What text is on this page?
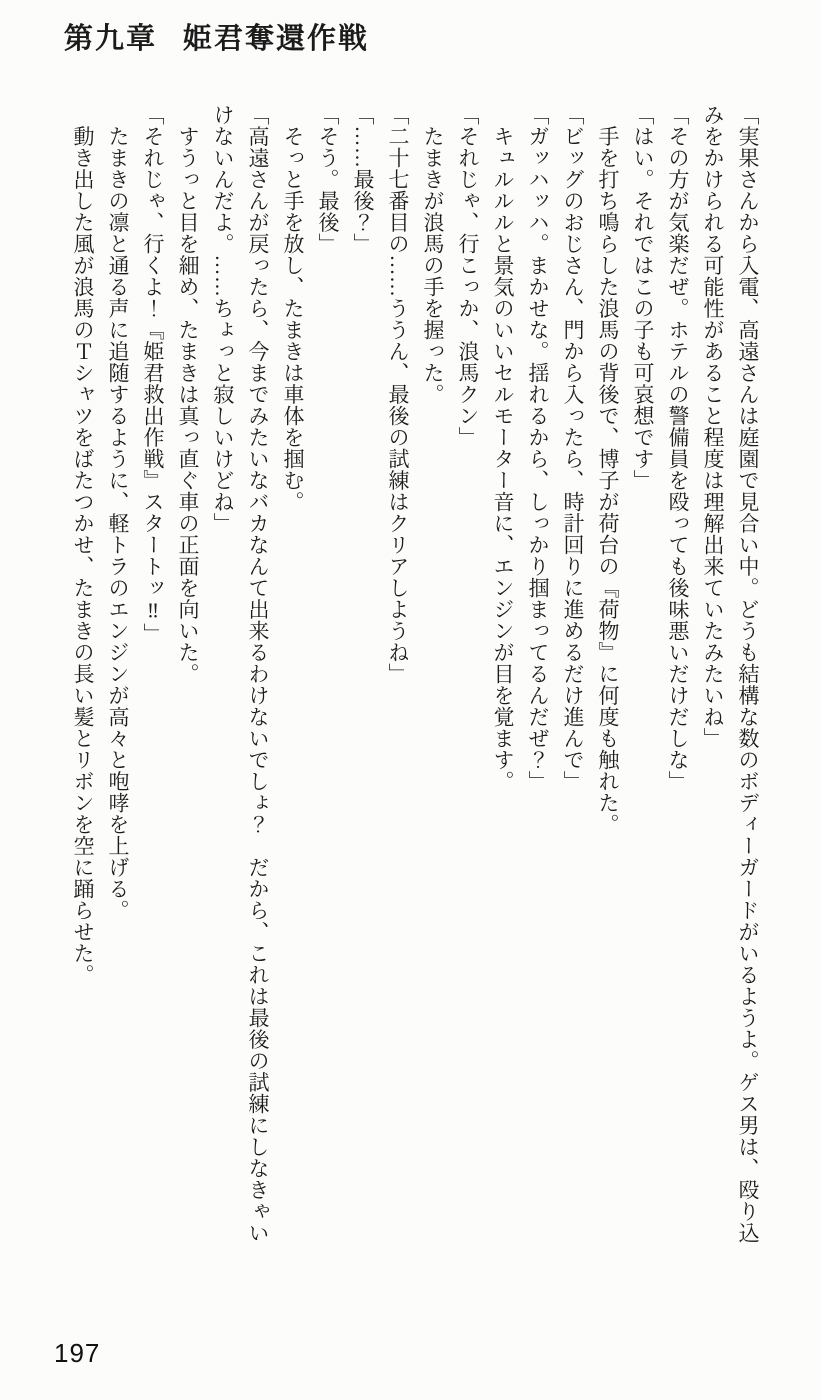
第九章 姫君奪還作戦
「実果さんから入電、高遠さんは庭園で見合い中。どうも結構な数のボディーガードがいるようよ。ゲス男は、殴り込
みをかけられる可能性があること程度は理解出来ていたみたいね」
「その方が気楽だぜ。ホテルの警備員を殴っても後味悪いだけだしな」
「はい。それではこの子も可哀想です」
　手を打ち鳴らした浪馬の背後で、博子が荷台の『荷物』に何度も触れた。
「ビッグのおじさん、門から入ったら、時計回りに進めるだけ進んで」
「ガッハッハ。まかせな。揺れるから、しっかり掴まってるんだぜ？」
　キュルルルと景気のいいセルモーター音に、エンジンが目を覚ます。
「それじゃ、行こっか、浪馬クン」
　たまきが浪馬の手を握った。
「二十七番目の……ううん、最後の試練はクリアしようね」
「……最後？」
「そう。最後」
　そっと手を放し、たまきは車体を掴む。
「高遠さんが戻ったら、今までみたいなバカなんて出来るわけないでしょ？　だから、これは最後の試練にしなきゃい
けないんだよ。……ちょっと寂しいけどね」
　すうっと目を細め、たまきは真っ直ぐ車の正面を向いた。
「それじゃ、行くよ！『姫君救出作戦』スタートッ‼」
　たまきの凛と通る声に追随するように、軽トラのエンジンが高々と咆哮を上げる。
　動き出した風が浪馬のＴシャツをばたつかせ、たまきの長い髪とリボンを空に踊らせた。
197
